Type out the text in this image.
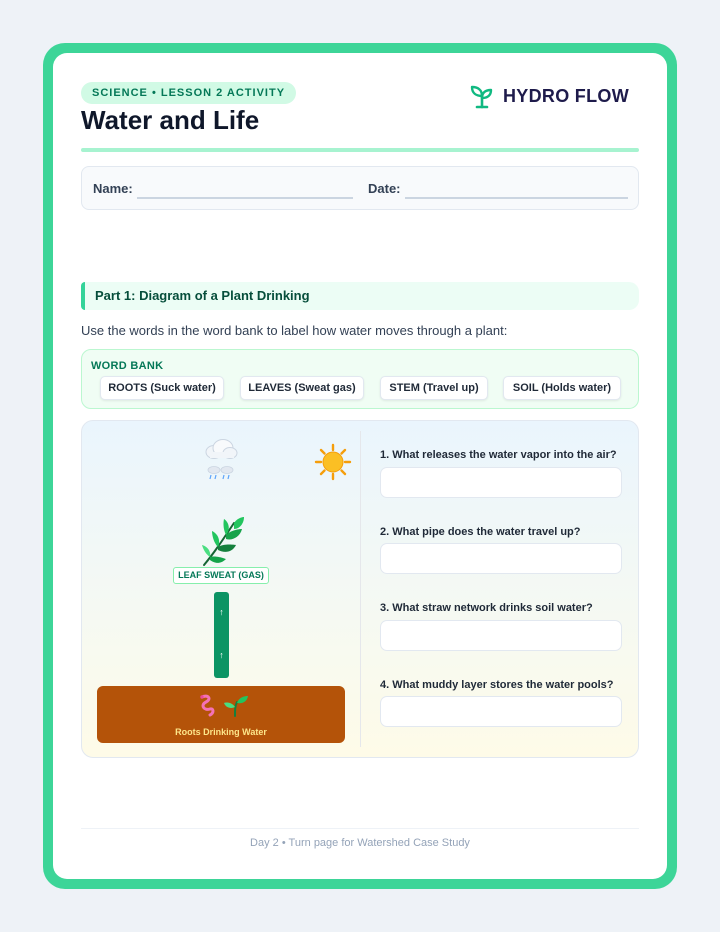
SCIENCE • LESSON 2 ACTIVITY
Water and Life
HYDRO FLOW
Name:	Date:
Part 1: Diagram of a Plant Drinking
Use the words in the word bank to label how water moves through a plant:
WORD BANK
ROOTS (Suck water)	LEAVES (Sweat gas)	STEM (Travel up)	SOIL (Holds water)
LEAF SWEAT (GAS)
↑
↑
Roots Drinking Water
1. What releases the water vapor into the air?
2. What pipe does the water travel up?
3. What straw network drinks soil water?
4. What muddy layer stores the water pools?
Day 2 • Turn page for Watershed Case Study
